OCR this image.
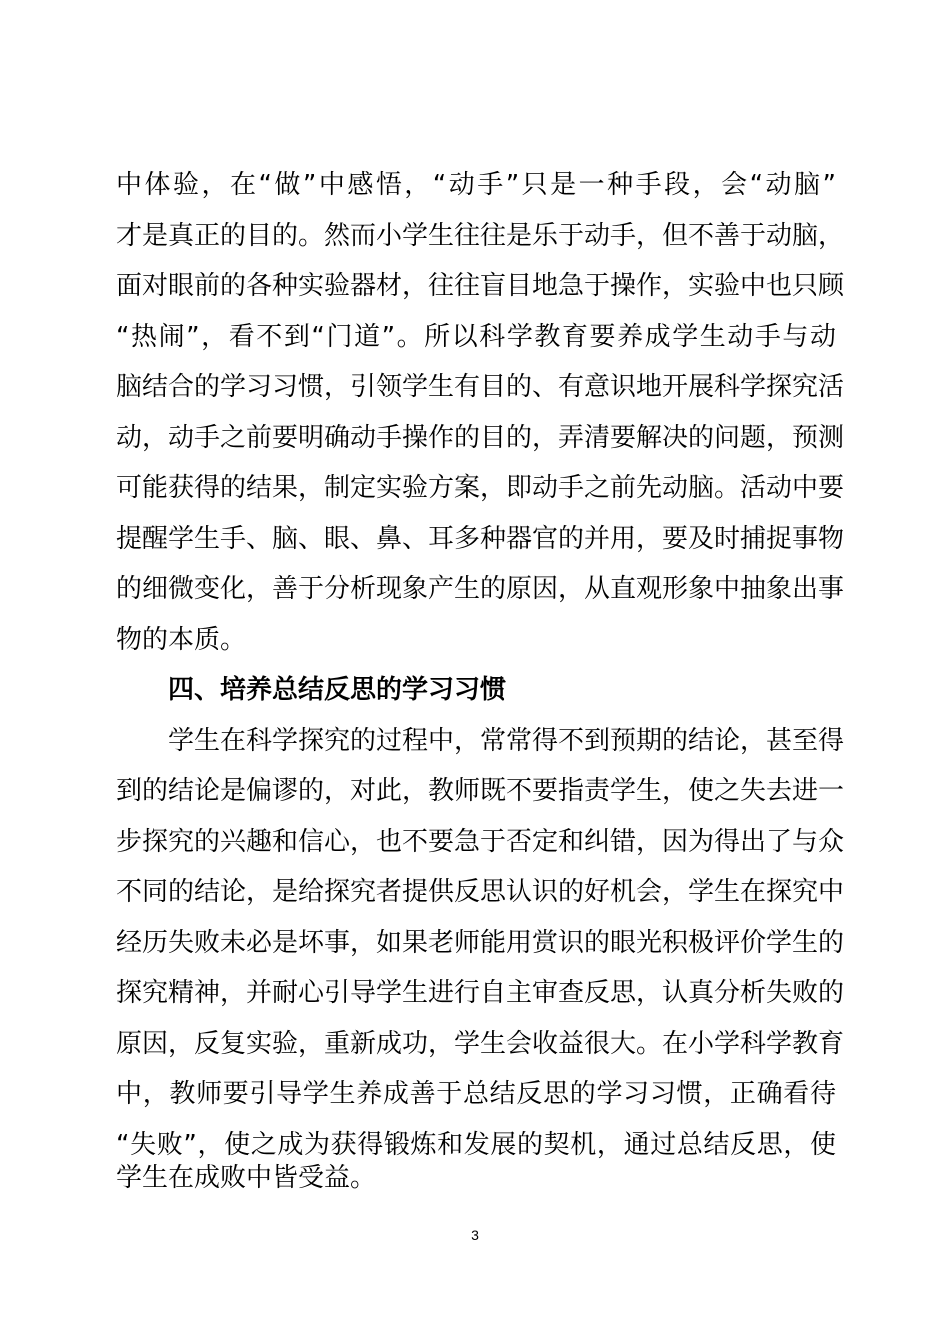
中体验，在“做”中感悟，“动手”只是一种手段，会“动脑”
才是真正的目的。然而小学生往往是乐于动手，但不善于动脑，
面对眼前的各种实验器材，往往盲目地急于操作，实验中也只顾
“热闹”，看不到“门道”。所以科学教育要养成学生动手与动
脑结合的学习习惯，引领学生有目的、有意识地开展科学探究活
动，动手之前要明确动手操作的目的，弄清要解决的问题，预测
可能获得的结果，制定实验方案，即动手之前先动脑。活动中要
提醒学生手、脑、眼、鼻、耳多种器官的并用，要及时捕捉事物
的细微变化，善于分析现象产生的原因，从直观形象中抽象出事
物的本质。
四、培养总结反思的学习习惯
学生在科学探究的过程中，常常得不到预期的结论，甚至得
到的结论是偏谬的，对此，教师既不要指责学生，使之失去进一
步探究的兴趣和信心，也不要急于否定和纠错，因为得出了与众
不同的结论，是给探究者提供反思认识的好机会，学生在探究中
经历失败未必是坏事，如果老师能用赏识的眼光积极评价学生的
探究精神，并耐心引导学生进行自主审查反思，认真分析失败的
原因，反复实验，重新成功，学生会收益很大。在小学科学教育
中，教师要引导学生养成善于总结反思的学习习惯，正确看待
“失败”，使之成为获得锻炼和发展的契机，通过总结反思，使
学生在成败中皆受益。
3
